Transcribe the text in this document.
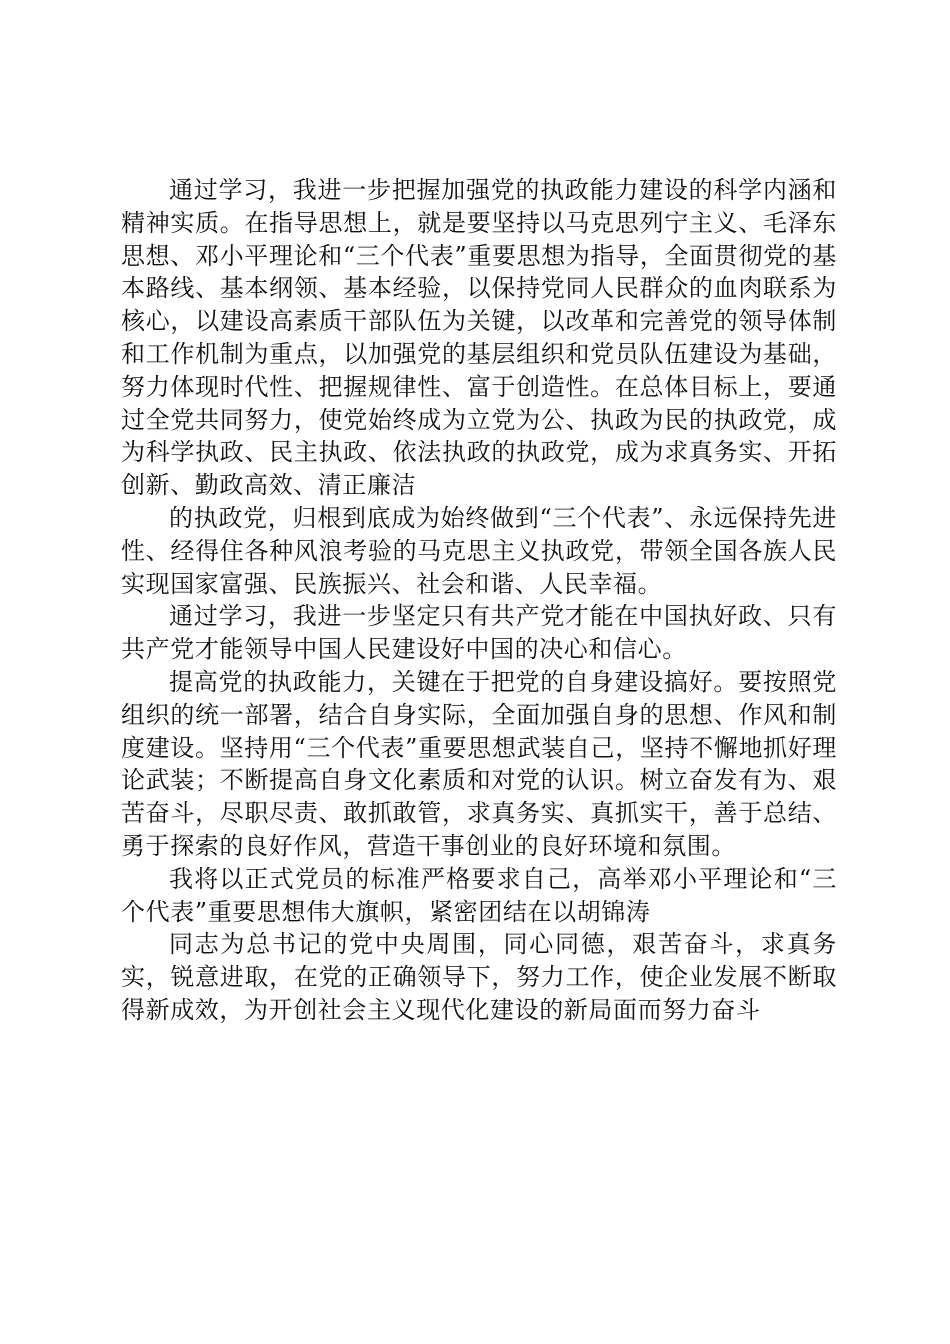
通过学习，我进一步把握加强党的执政能力建设的科学内涵和精神实质。在指导思想上，就是要坚持以马克思列宁主义、毛泽东思想、邓小平理论和“三个代表”重要思想为指导，全面贯彻党的基本路线、基本纲领、基本经验，以保持党同人民群众的血肉联系为核心，以建设高素质干部队伍为关键，以改革和完善党的领导体制和工作机制为重点，以加强党的基层组织和党员队伍建设为基础，努力体现时代性、把握规律性、富于创造性。在总体目标上，要通过全党共同努力，使党始终成为立党为公、执政为民的执政党，成为科学执政、民主执政、依法执政的执政党，成为求真务实、开拓创新、勤政高效、清正廉洁

的执政党，归根到底成为始终做到“三个代表”、永远保持先进性、经得住各种风浪考验的马克思主义执政党，带领全国各族人民实现国家富强、民族振兴、社会和谐、人民幸福。

通过学习，我进一步坚定只有共产党才能在中国执好政、只有共产党才能领导中国人民建设好中国的决心和信心。

提高党的执政能力，关键在于把党的自身建设搞好。要按照党组织的统一部署，结合自身实际，全面加强自身的思想、作风和制度建设。坚持用“三个代表”重要思想武装自己，坚持不懈地抓好理论武装；不断提高自身文化素质和对党的认识。树立奋发有为、艰苦奋斗，尽职尽责、敢抓敢管，求真务实、真抓实干，善于总结、勇于探索的良好作风，营造干事创业的良好环境和氛围。

我将以正式党员的标准严格要求自己，高举邓小平理论和“三个代表”重要思想伟大旗帜，紧密团结在以胡锦涛

同志为总书记的党中央周围，同心同德，艰苦奋斗，求真务实，锐意进取，在党的正确领导下，努力工作，使企业发展不断取得新成效，为开创社会主义现代化建设的新局面而努力奋斗
